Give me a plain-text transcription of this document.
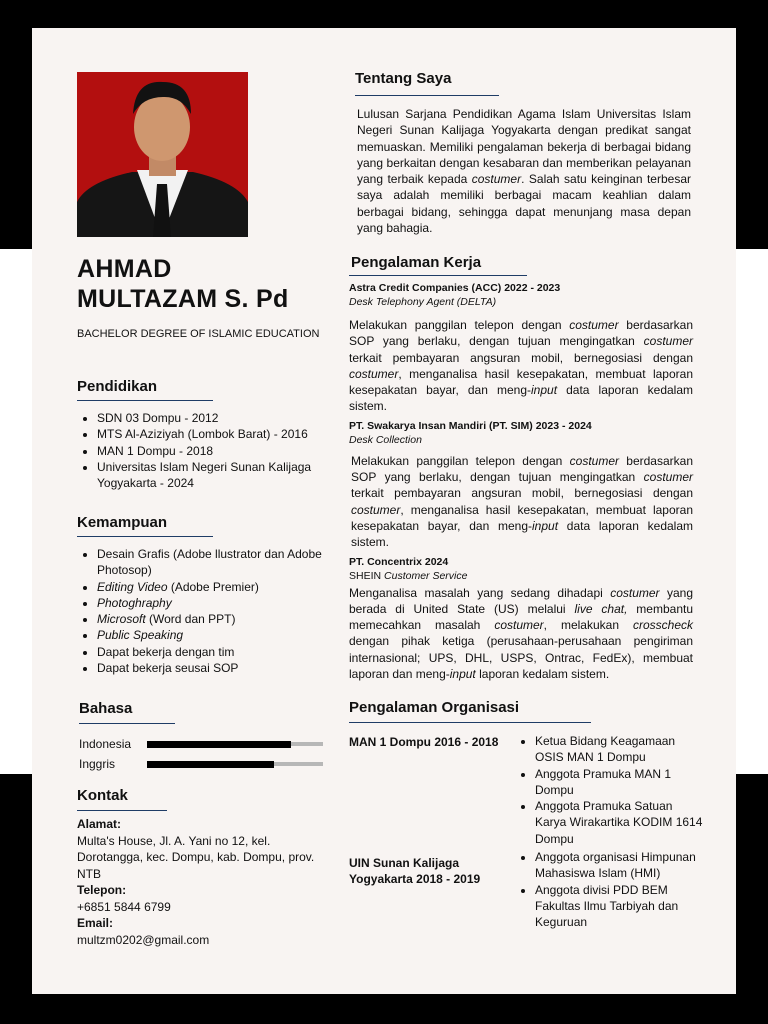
AHMAD
MULTAZAM S. Pd
BACHELOR DEGREE OF ISLAMIC EDUCATION

Pendidikan

• SDN 03 Dompu - 2012
• MTS Al-Aziziyah (Lombok Barat) - 2016
• MAN 1 Dompu - 2018
• Universitas Islam Negeri Sunan Kalijaga Yogyakarta - 2024

Kemampuan

• Desain Grafis (Adobe llustrator dan Adobe Photosop)
• Editing Video (Adobe Premier)
• Photoghraphy
• Microsoft (Word dan PPT)
• Public Speaking
• Dapat bekerja dengan tim
• Dapat bekerja seusai SOP

Bahasa

Indonesia
Inggris

Kontak

Alamat:
Multa's House, Jl. A. Yani no 12, kel. Dorotangga, kec. Dompu, kab. Dompu, prov. NTB
Telepon:
+6851 5844 6799
Email:
multzm0202@gmail.com

Tentang Saya

Lulusan Sarjana Pendidikan Agama Islam Universitas Islam Negeri Sunan Kalijaga Yogyakarta dengan predikat sangat memuaskan. Memiliki pengalaman bekerja di berbagai bidang yang berkaitan dengan kesabaran dan memberikan pelayanan yang terbaik kepada costumer. Salah satu keinginan terbesar saya adalah memiliki berbagai macam keahlian dalam berbagai bidang, sehingga dapat menunjang masa depan yang bahagia.

Pengalaman Kerja

Astra Credit Companies (ACC) 2022 - 2023
Desk Telephony Agent (DELTA)

Melakukan panggilan telepon dengan costumer berdasarkan SOP yang berlaku, dengan tujuan mengingatkan costumer terkait pembayaran angsuran mobil, bernegosiasi dengan costumer, menganalisa hasil kesepakatan, membuat laporan kesepakatan bayar, dan meng-input data laporan kedalam sistem.

PT. Swakarya Insan Mandiri (PT. SIM) 2023 - 2024
Desk Collection

Melakukan panggilan telepon dengan costumer berdasarkan SOP yang berlaku, dengan tujuan mengingatkan costumer terkait pembayaran angsuran mobil, bernegosiasi dengan costumer, menganalisa hasil kesepakatan, membuat laporan kesepakatan bayar, dan meng-input data laporan kedalam sistem.

PT. Concentrix 2024
SHEIN Customer Service

Menganalisa masalah yang sedang dihadapi costumer yang berada di United State (US) melalui live chat, membantu memecahkan masalah costumer, melakukan crosscheck dengan pihak ketiga (perusahaan-perusahaan pengiriman internasional; UPS, DHL, USPS, Ontrac, FedEx), membuat laporan dan meng-input laporan kedalam sistem.

Pengalaman Organisasi

MAN 1 Dompu 2016 - 2018
•	Ketua Bidang Keagamaan OSIS MAN 1 Dompu
• Anggota Pramuka MAN 1 Dompu
• Anggota Pramuka Satuan Karya Wirakartika KODIM 1614 Dompu
UIN Sunan Kalijaga Yogyakarta 2018 - 2019
• Anggota organisasi Himpunan Mahasiswa Islam (HMI)
• Anggota divisi PDD BEM Fakultas Ilmu Tarbiyah dan Keguruan
